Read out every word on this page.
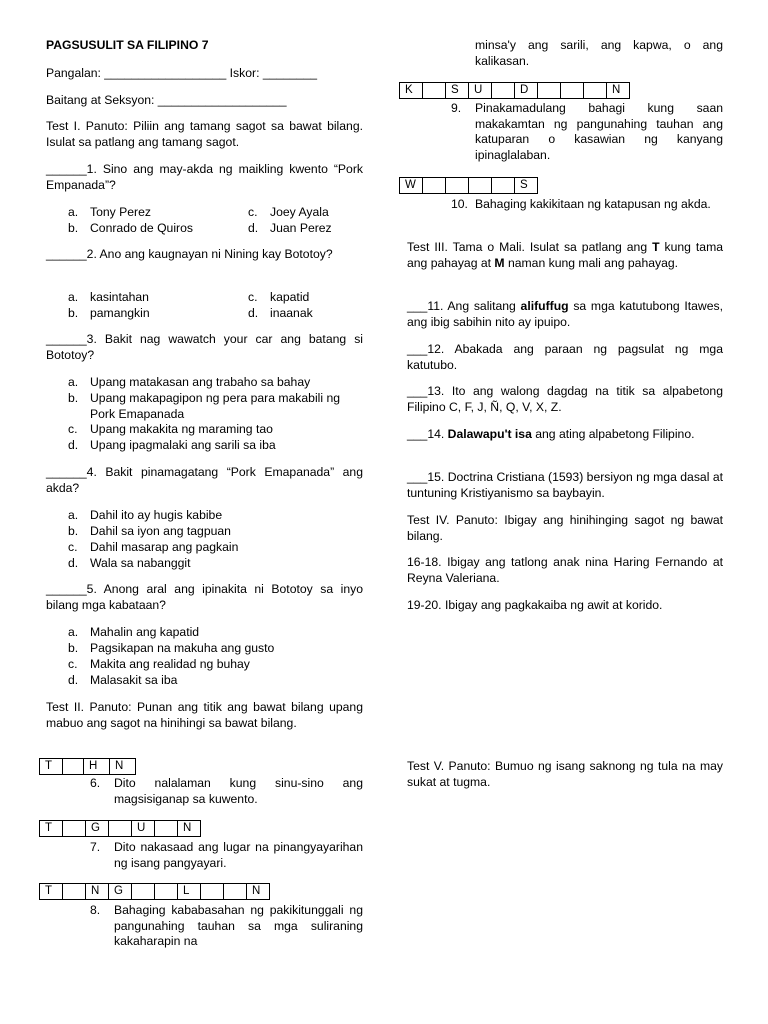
PAGSUSULIT SA FILIPINO 7
Pangalan: __________________ Iskor: ________
Baitang at Seksyon: ___________________
Test I. Panuto: Piliin ang tamang sagot sa bawat bilang. Isulat sa patlang ang tamang sagot.
______1. Sino ang may-akda ng maikling kwento “Pork Empanada”?
a. Tony Perez	c. Joey Ayala
b. Conrado de Quiros	d. Juan Perez
______2. Ano ang kaugnayan ni Nining kay Bototoy?
a. kasintahan	c. kapatid
b. pamangkin	d. inaanak
______3. Bakit nag wawatch your car ang batang si Bototoy?
a. Upang matakasan ang trabaho sa bahay
b. Upang makapagipon ng pera para makabili ng Pork Emapanada
c.	Upang makakita ng maraming tao
d. Upang ipagmalaki ang sarili sa iba
______4. Bakit pinamagatang “Pork Emapanada” ang akda?
a. Dahil ito ay hugis kabibe
b. Dahil sa iyon ang tagpuan
c.	Dahil masarap ang pagkain
d. Wala sa nabanggit
______5. Anong aral ang ipinakita ni Bototoy sa inyo bilang mga kabataan?
a. Mahalin ang kapatid
b. Pagsikapan na makuha ang gusto
c.	Makita ang realidad ng buhay
d. Malasakit sa iba
Test II. Panuto: Punan ang titik ang bawat bilang upang mabuo ang sagot na hinihingi sa bawat bilang.
T	H	N
6.	Dito nalalaman kung sinu-sino ang magsisiganap sa kuwento.
T	G	U	N
7.	Dito nakasaad ang lugar na pinangyayarihan ng isang pangyayari.
T	N	G	L	N
8.	Bahaging kababasahan ng pakikitunggali ng pangunahing tauhan sa mga suliraning kakaharapin na
minsa'y ang sarili, ang kapwa, o ang kalikasan.
K	S	U	D	N
9.	Pinakamadulang bahagi kung saan makakamtan ng pangunahing tauhan ang katuparan o kasawian ng kanyang ipinaglalaban.
W	S
10. Bahaging kakikitaan ng katapusan ng akda.
Test III. Tama o Mali. Isulat sa patlang ang T kung tama ang pahayag at M naman kung mali ang pahayag.
___11. Ang salitang alifuffug sa mga katutubong Itawes, ang ibig sabihin nito ay ipuipo.
___12. Abakada ang paraan ng pagsulat ng mga katutubo.
___13. Ito ang walong dagdag na titik sa alpabetong Filipino C, F, J, Ñ, Q, V, X, Z.
___14. Dalawapu't isa ang ating alpabetong Filipino.
___15. Doctrina Cristiana (1593) bersiyon ng mga dasal at tuntuning Kristiyanismo sa baybayin.
Test IV. Panuto: Ibigay ang hinihinging sagot ng bawat bilang.
16-18. Ibigay ang tatlong anak nina Haring Fernando at Reyna Valeriana.
19-20. Ibigay ang pagkakaiba ng awit at korido.
Test V. Panuto: Bumuo ng isang saknong ng tula na may sukat at tugma.
